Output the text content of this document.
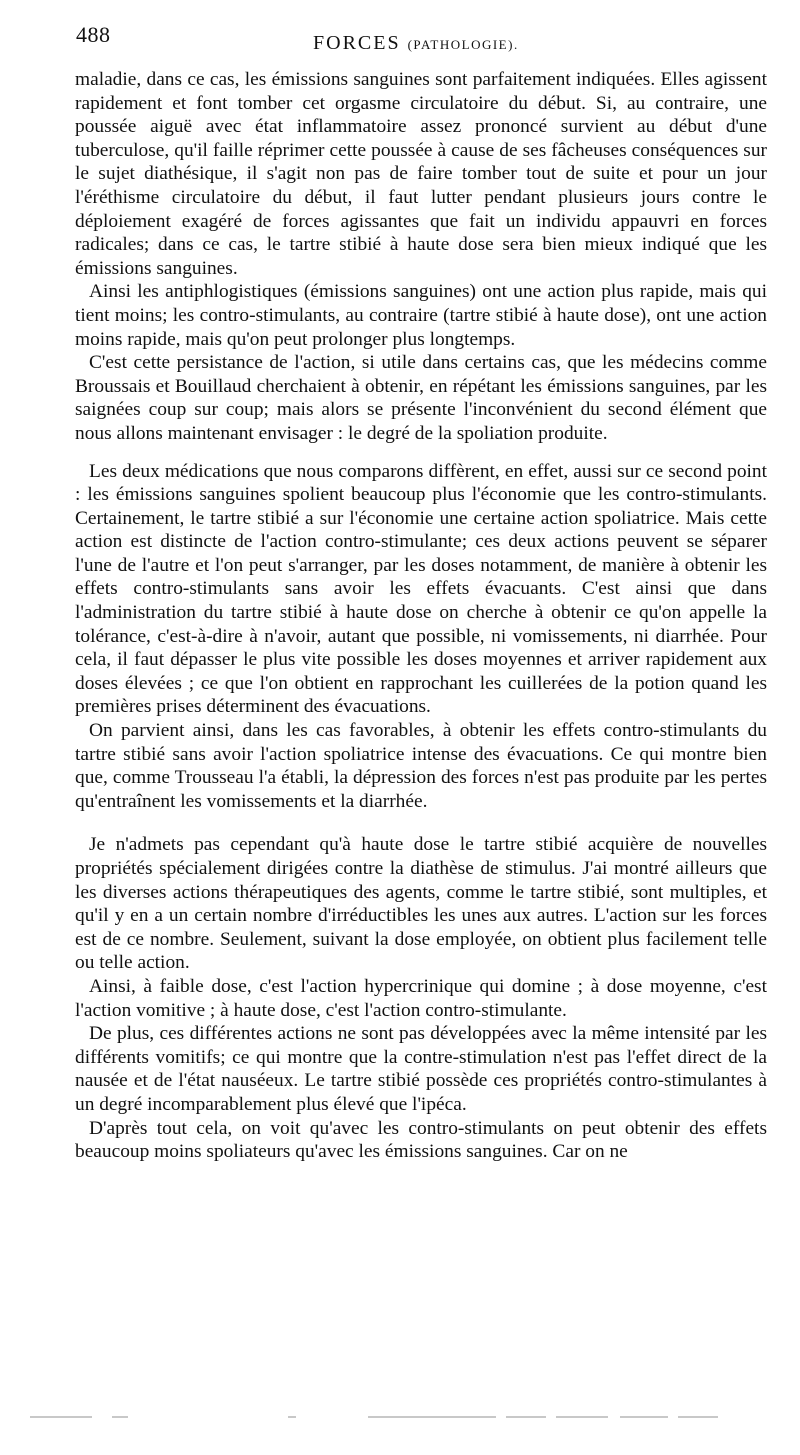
488	FORCES (PATHOLOGIE).

maladie, dans ce cas, les émissions sanguines sont parfaitement indiquées. Elles agissent rapidement et font tomber cet orgasme circulatoire du début. Si, au contraire, une poussée aiguë avec état inflammatoire assez prononcé survient au début d'une tuberculose, qu'il faille réprimer cette poussée à cause de ses fâcheuses conséquences sur le sujet diathésique, il s'agit non pas de faire tomber tout de suite et pour un jour l'éréthisme circulatoire du début, il faut lutter pendant plusieurs jours contre le déploiement exagéré de forces agissantes que fait un individu appauvri en forces radicales; dans ce cas, le tartre stibié à haute dose sera bien mieux indiqué que les émissions sanguines.

Ainsi les antiphlogistiques (émissions sanguines) ont une action plus rapide, mais qui tient moins; les contro-stimulants, au contraire (tartre stibié à haute dose), ont une action moins rapide, mais qu'on peut prolonger plus longtemps.

C'est cette persistance de l'action, si utile dans certains cas, que les médecins comme Broussais et Bouillaud cherchaient à obtenir, en répétant les émissions sanguines, par les saignées coup sur coup; mais alors se présente l'inconvénient du second élément que nous allons maintenant envisager : le degré de la spoliation produite.

Les deux médications que nous comparons diffèrent, en effet, aussi sur ce second point : les émissions sanguines spolient beaucoup plus l'économie que les contro-stimulants. Certainement, le tartre stibié a sur l'économie une certaine action spoliatrice. Mais cette action est distincte de l'action contro-stimulante; ces deux actions peuvent se séparer l'une de l'autre et l'on peut s'arranger, par les doses notamment, de manière à obtenir les effets contro-stimulants sans avoir les effets évacuants. C'est ainsi que dans l'administration du tartre stibié à haute dose on cherche à obtenir ce qu'on appelle la tolérance, c'est-à-dire à n'avoir, autant que possible, ni vomissements, ni diarrhée. Pour cela, il faut dépasser le plus vite possible les doses moyennes et arriver rapidement aux doses élevées ; ce que l'on obtient en rapprochant les cuillerées de la potion quand les premières prises déterminent des évacuations.

On parvient ainsi, dans les cas favorables, à obtenir les effets contro-stimulants du tartre stibié sans avoir l'action spoliatrice intense des évacuations. Ce qui montre bien que, comme Trousseau l'a établi, la dépression des forces n'est pas produite par les pertes qu'entraînent les vomissements et la diarrhée.

Je n'admets pas cependant qu'à haute dose le tartre stibié acquière de nouvelles propriétés spécialement dirigées contre la diathèse de stimulus. J'ai montré ailleurs que les diverses actions thérapeutiques des agents, comme le tartre stibié, sont multiples, et qu'il y en a un certain nombre d'irréductibles les unes aux autres. L'action sur les forces est de ce nombre. Seulement, suivant la dose employée, on obtient plus facilement telle ou telle action.

Ainsi, à faible dose, c'est l'action hypercrinique qui domine ; à dose moyenne, c'est l'action vomitive ; à haute dose, c'est l'action contro-stimulante.

De plus, ces différentes actions ne sont pas développées avec la même intensité par les différents vomitifs; ce qui montre que la contre-stimulation n'est pas l'effet direct de la nausée et de l'état nauséeux. Le tartre stibié possède ces propriétés contro-stimulantes à un degré incomparablement plus élevé que l'ipéca.

D'après tout cela, on voit qu'avec les contro-stimulants on peut obtenir des effets beaucoup moins spoliateurs qu'avec les émissions sanguines. Car on ne
